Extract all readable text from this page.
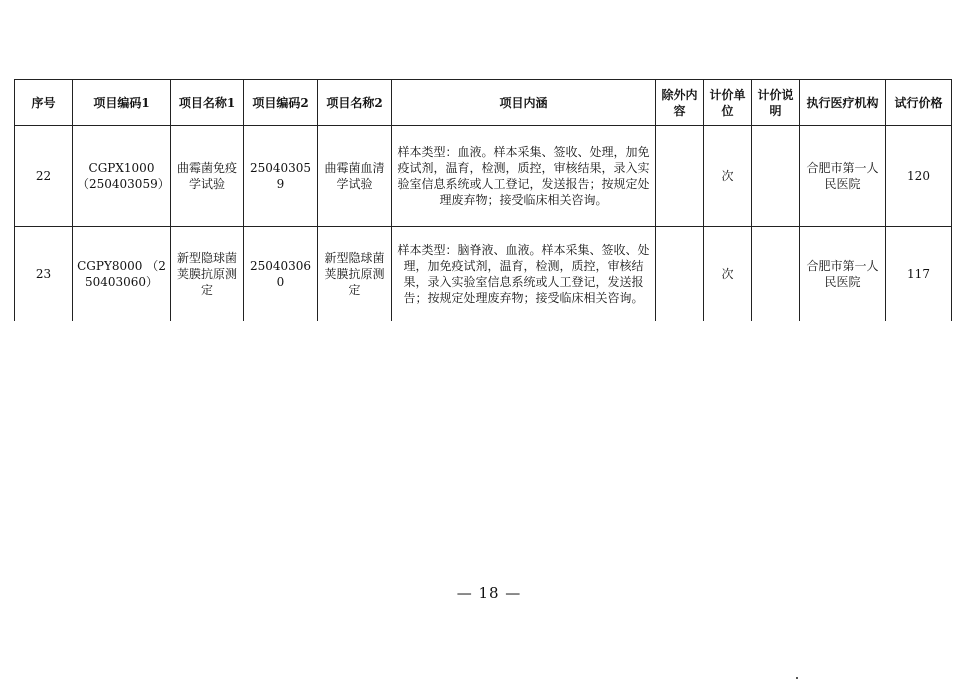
序号	项目编码1	项目名称1	项目编码2	项目名称2	项目内涵	除外内容	计价单位	计价说明	执行医疗机构	试行价格
22	CGPX1000 （250403059）	曲霉菌免疫学试验	250403059	曲霉菌血清学试验	样本类型：血液。样本采集、签收、处理，加免疫试剂，温育，检测，质控，审核结果，录入实验室信息系统或人工登记，发送报告；按规定处理废弃物；接受临床相关咨询。		次		合肥市第一人民医院	120
23	CGPY8000 （250403060）	新型隐球菌荚膜抗原测定	250403060	新型隐球菌荚膜抗原测定	样本类型：脑脊液、血液。样本采集、签收、处理，加免疫试剂，温育，检测，质控，审核结果，录入实验室信息系统或人工登记，发送报告；按规定处理废弃物；接受临床相关咨询。		次		合肥市第一人民医院	117
— 18 —
